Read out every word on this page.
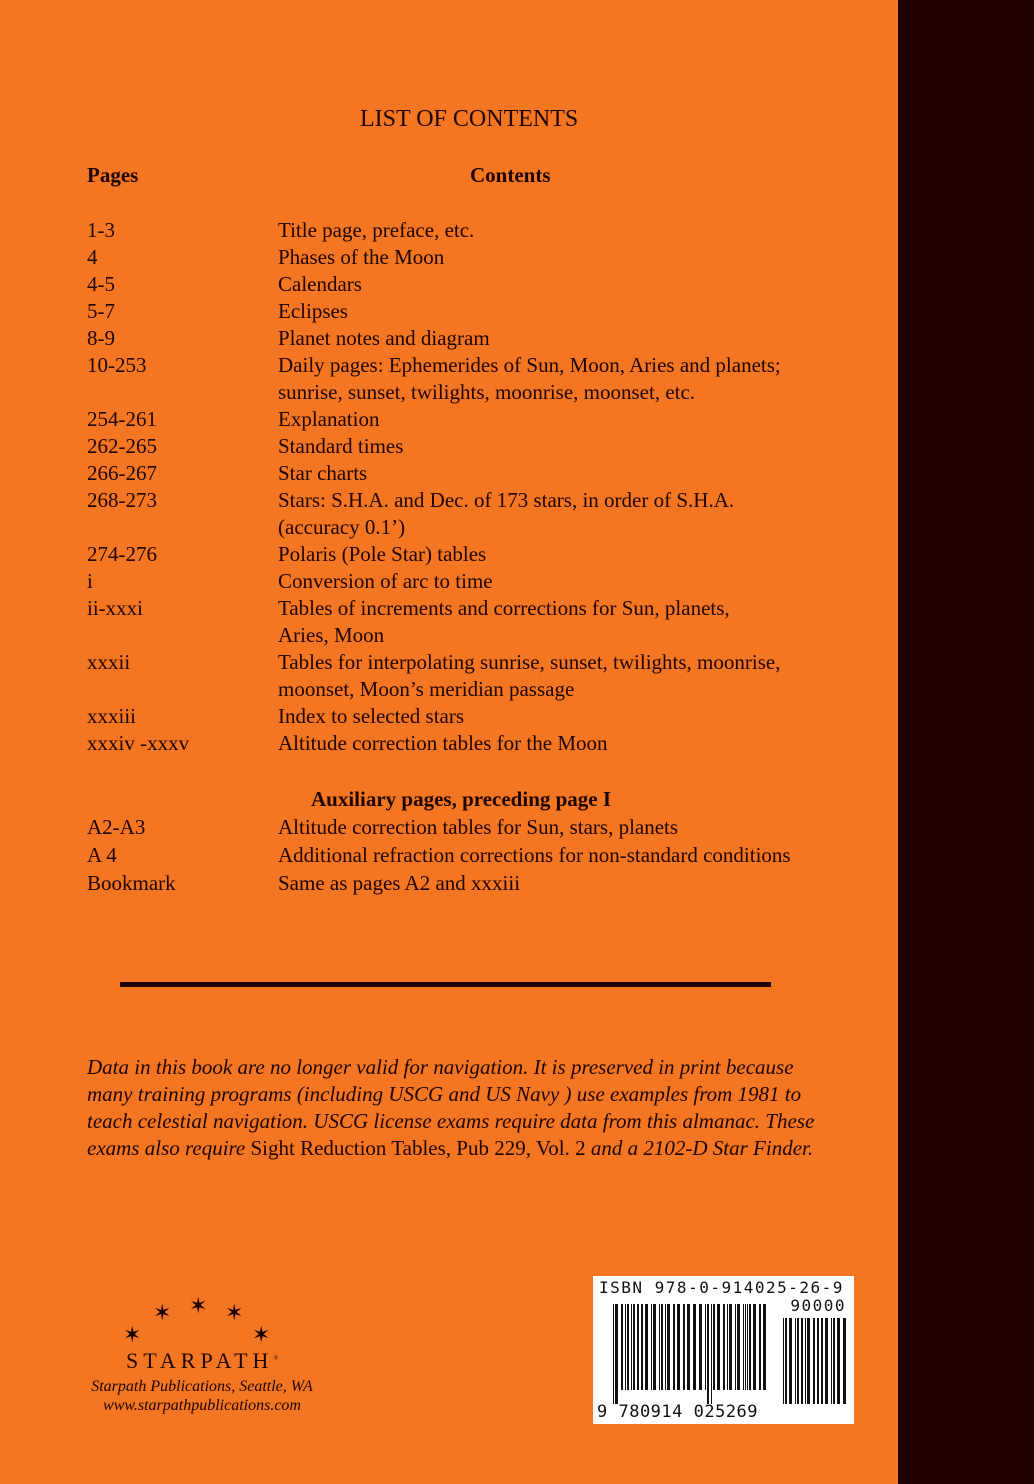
LIST OF CONTENTS
Pages	Contents
1-3	Title page, preface, etc.
4	Phases of the Moon
4-5	Calendars
5-7	Eclipses
8-9	Planet notes and diagram
10-253	Daily pages: Ephemerides of Sun, Moon, Aries and planets;
sunrise, sunset, twilights, moonrise, moonset, etc.
254-261	Explanation
262-265	Standard times
266-267	Star charts
268-273	Stars: S.H.A. and Dec. of 173 stars, in order of S.H.A.
(accuracy 0.1’)
274-276	Polaris (Pole Star) tables
i	Conversion of arc to time
ii-xxxi	Tables of increments and corrections for Sun, planets,
Aries, Moon
xxxii	Tables for interpolating sunrise, sunset, twilights, moonrise,
moonset, Moon’s meridian passage
xxxiii	Index to selected stars
xxxiv -xxxv	Altitude correction tables for the Moon
Auxiliary pages, preceding page I
A2-A3	Altitude correction tables for Sun, stars, planets
A 4	Additional refraction corrections for non-standard conditions
Bookmark	Same as pages A2 and xxxiii
Data in this book are no longer valid for navigation. It is preserved in print because many training programs (including USCG and US Navy ) use examples from 1981 to teach celestial navigation. USCG license exams require data from this almanac. These exams also require Sight Reduction Tables, Pub 229, Vol. 2 and a 2102-D Star Finder.
✶
✶ ✶ ✶
✶
STARPATH®
Starpath Publications, Seattle, WA
www.starpathpublications.com
ISBN 978-0-914025-26-9
90000
9 780914 025269
